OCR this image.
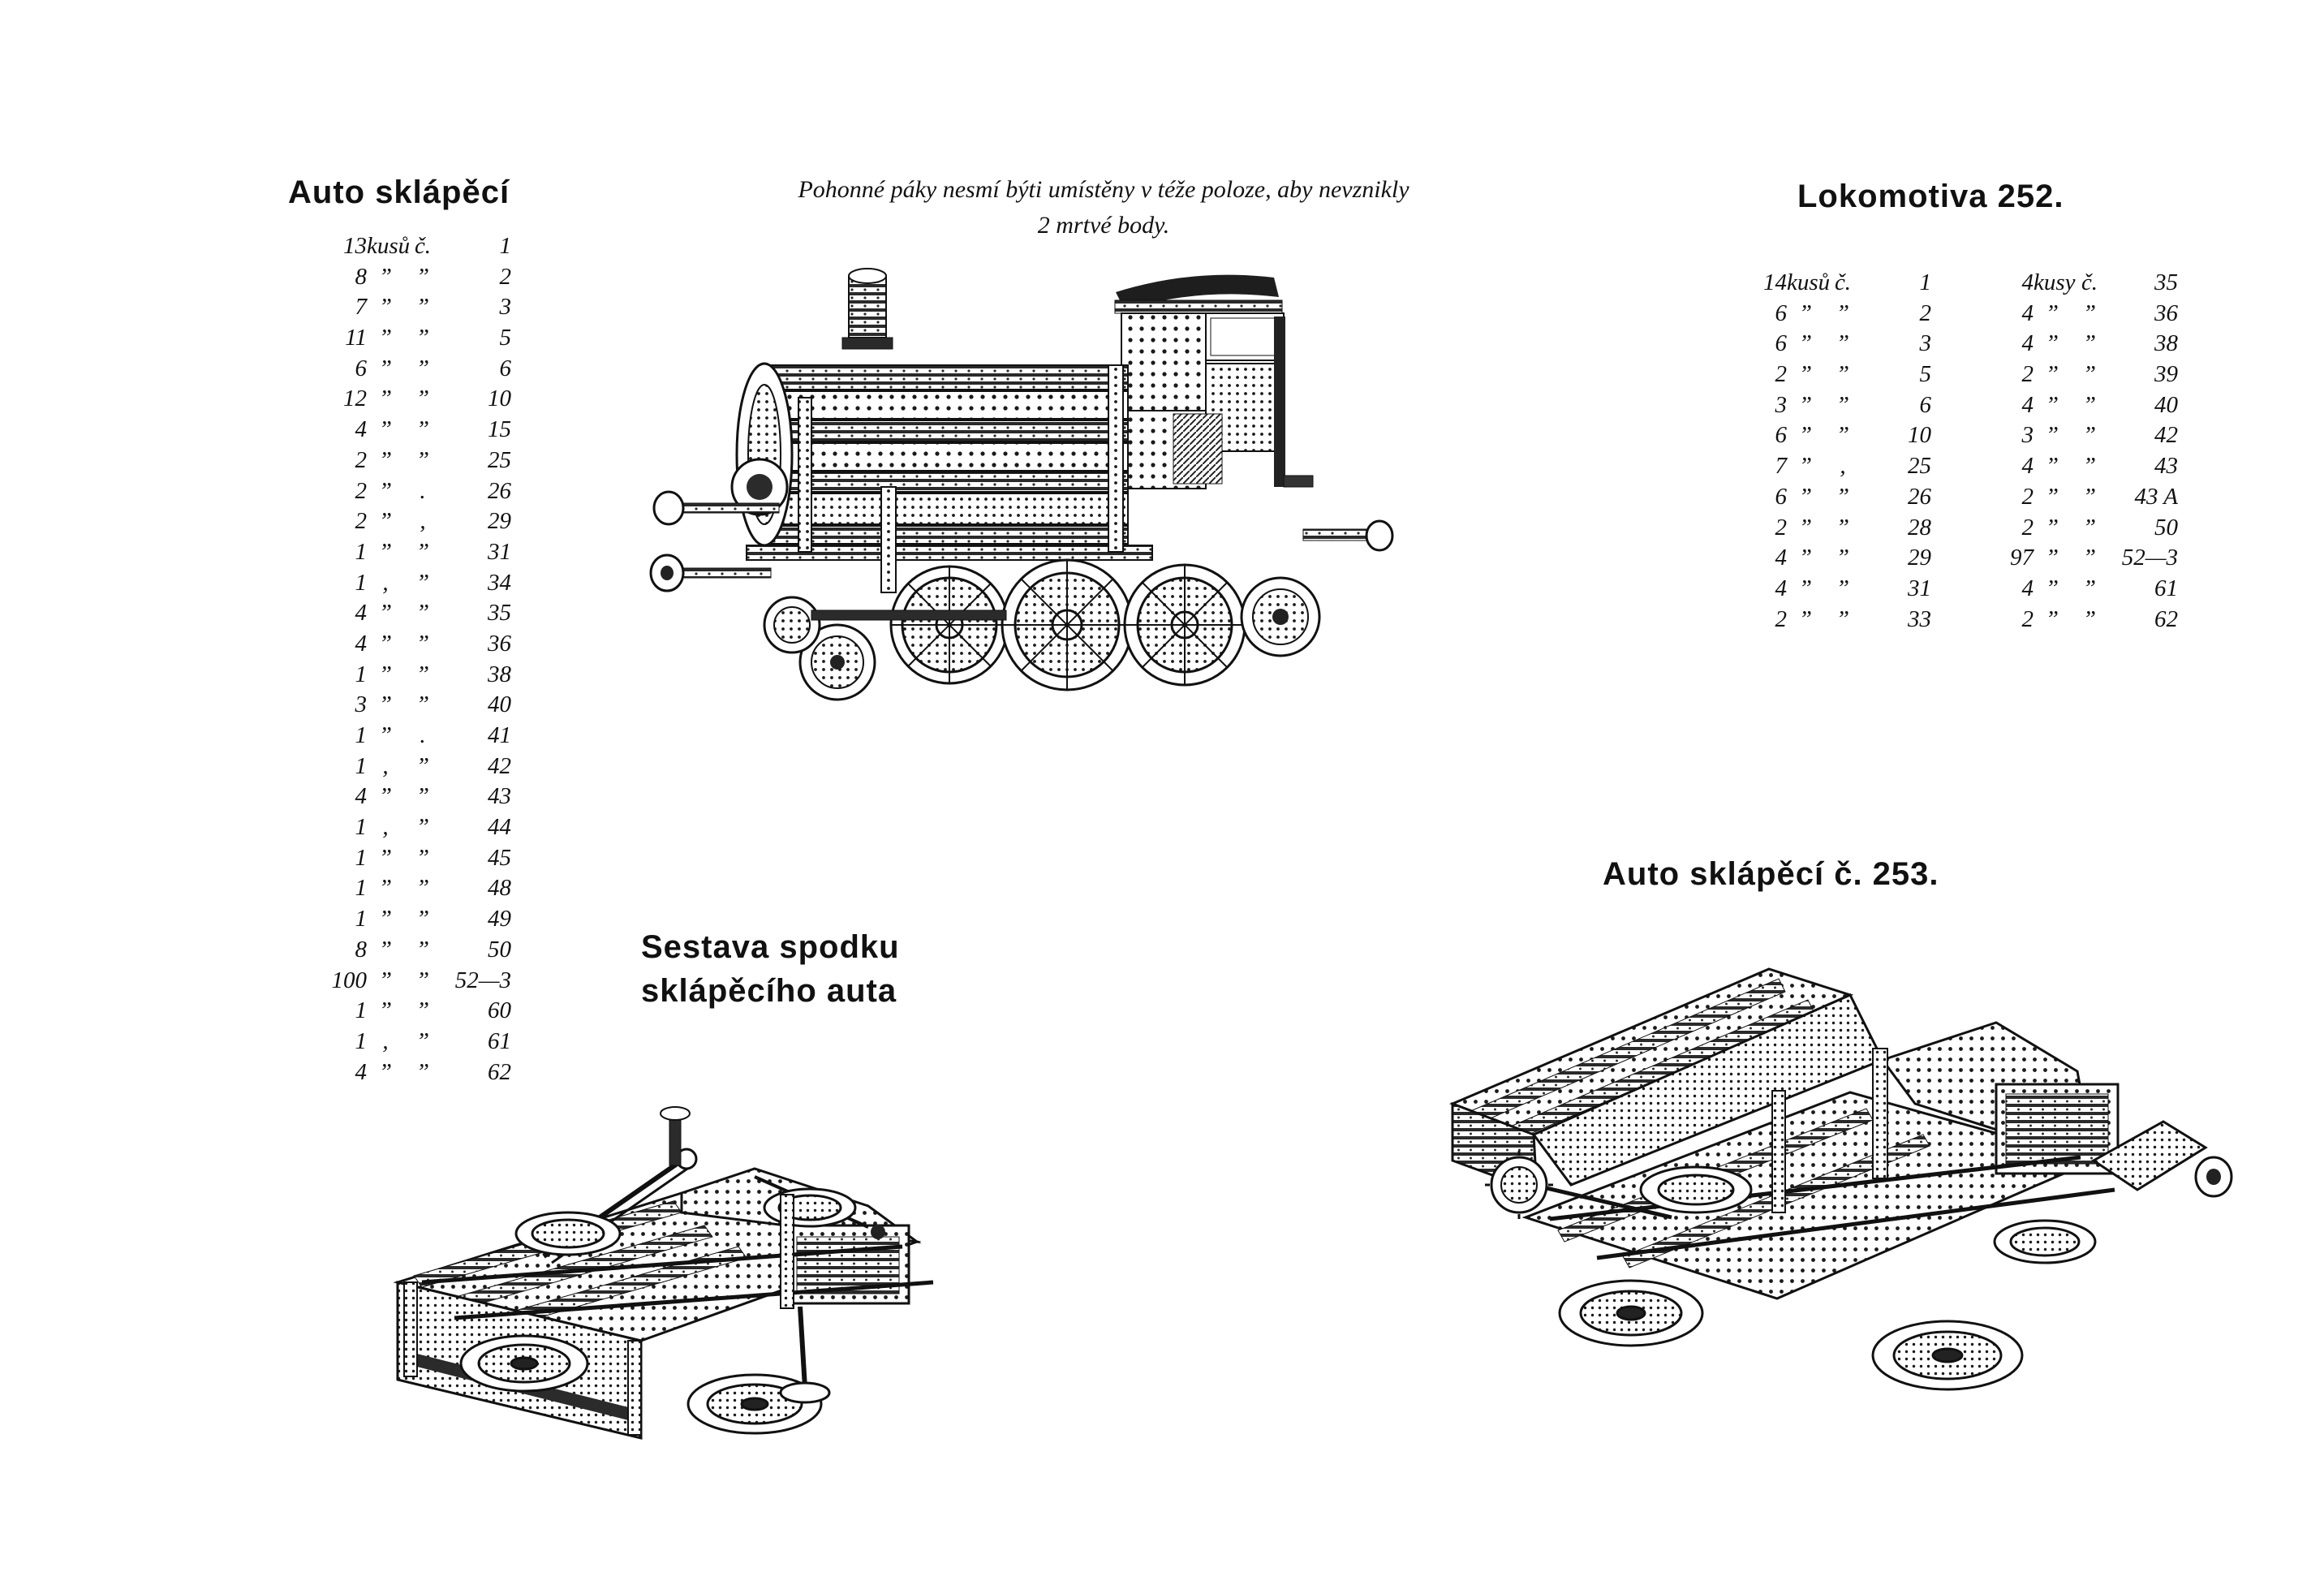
Auto sklápěcí
13 kusů č.	1
8 ”	”	2
7 ”	”	3
11 ”	”	5
6 ”	”	6
12 ”	”	10
4 ”	”	15
2 ”	”	25
2 ”	.	26
2 ”	,	29
1 ”	”	31
1 ,	”	34
4 ”	”	35
4 ”	”	36
1 ”	”	38
3 ”	”	40
1 ”	.	41
1 ,	”	42
4 ”	”	43
1 ,	”	44
1 ”	”	45
1 ”	”	48
1 ”	”	49
8 ”	”	50
100 ”	”	52—3
1 ”	”	60
1 ,	”	61
4 ”	”	62
Pohonné páky nesmí býti umístěny v téže poloze, aby nevznikly
2 mrtvé body.
Lokomotiva 252.
14 kusů č.	1
6 ”	”	2
6 ”	”	3
2 ”	”	5
3 ”	”	6
6 ”	”	10
7 ”	,	25
6 ”	”	26
2 ”	”	28
4 ”	”	29
4 ”	”	31
2 ”	”	33
4 kusy č.	35
4 ”	”	36
4 ”	”	38
2 ”	”	39
4 ”	”	40
3 ”	”	42
4 ”	”	43
2 ”	”	43 A
2 ”	”	50
97 ”	”	52—3
4 ”	”	61
2 ”	”	62
Sestava spodku
sklápěcího auta
Auto sklápěcí č. 253.
